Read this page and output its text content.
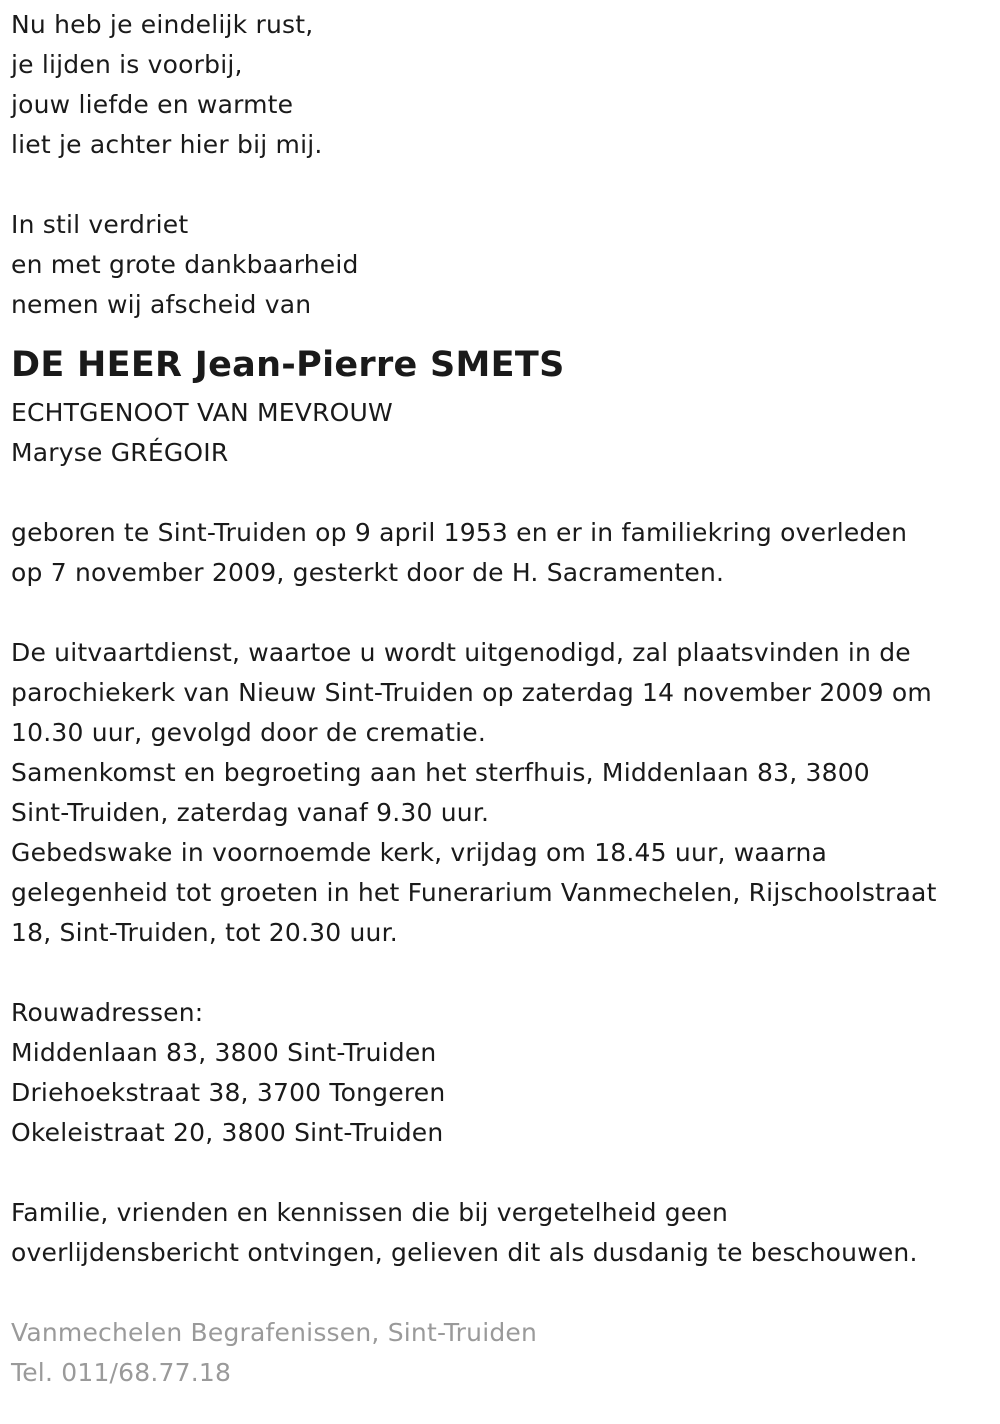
Nu heb je eindelijk rust,
je lijden is voorbij,
jouw liefde en warmte
liet je achter hier bij mij.
In stil verdriet
en met grote dankbaarheid
nemen wij afscheid van
DE HEER Jean-Pierre SMETS
ECHTGENOOT VAN MEVROUW
Maryse GRÉGOIR
geboren te Sint-Truiden op 9 april 1953 en er in familiekring overleden
op 7 november 2009, gesterkt door de H. Sacramenten.
De uitvaartdienst, waartoe u wordt uitgenodigd, zal plaatsvinden in de
parochiekerk van Nieuw Sint-Truiden op zaterdag 14 november 2009 om
10.30 uur, gevolgd door de crematie.
Samenkomst en begroeting aan het sterfhuis, Middenlaan 83, 3800
Sint-Truiden, zaterdag vanaf 9.30 uur.
Gebedswake in voornoemde kerk, vrijdag om 18.45 uur, waarna
gelegenheid tot groeten in het Funerarium Vanmechelen, Rijschoolstraat
18, Sint-Truiden, tot 20.30 uur.
Rouwadressen:
Middenlaan 83, 3800 Sint-Truiden
Driehoekstraat 38, 3700 Tongeren
Okeleistraat 20, 3800 Sint-Truiden
Familie, vrienden en kennissen die bij vergetelheid geen
overlijdensbericht ontvingen, gelieven dit als dusdanig te beschouwen.
Vanmechelen Begrafenissen, Sint-Truiden
Tel. 011/68.77.18
